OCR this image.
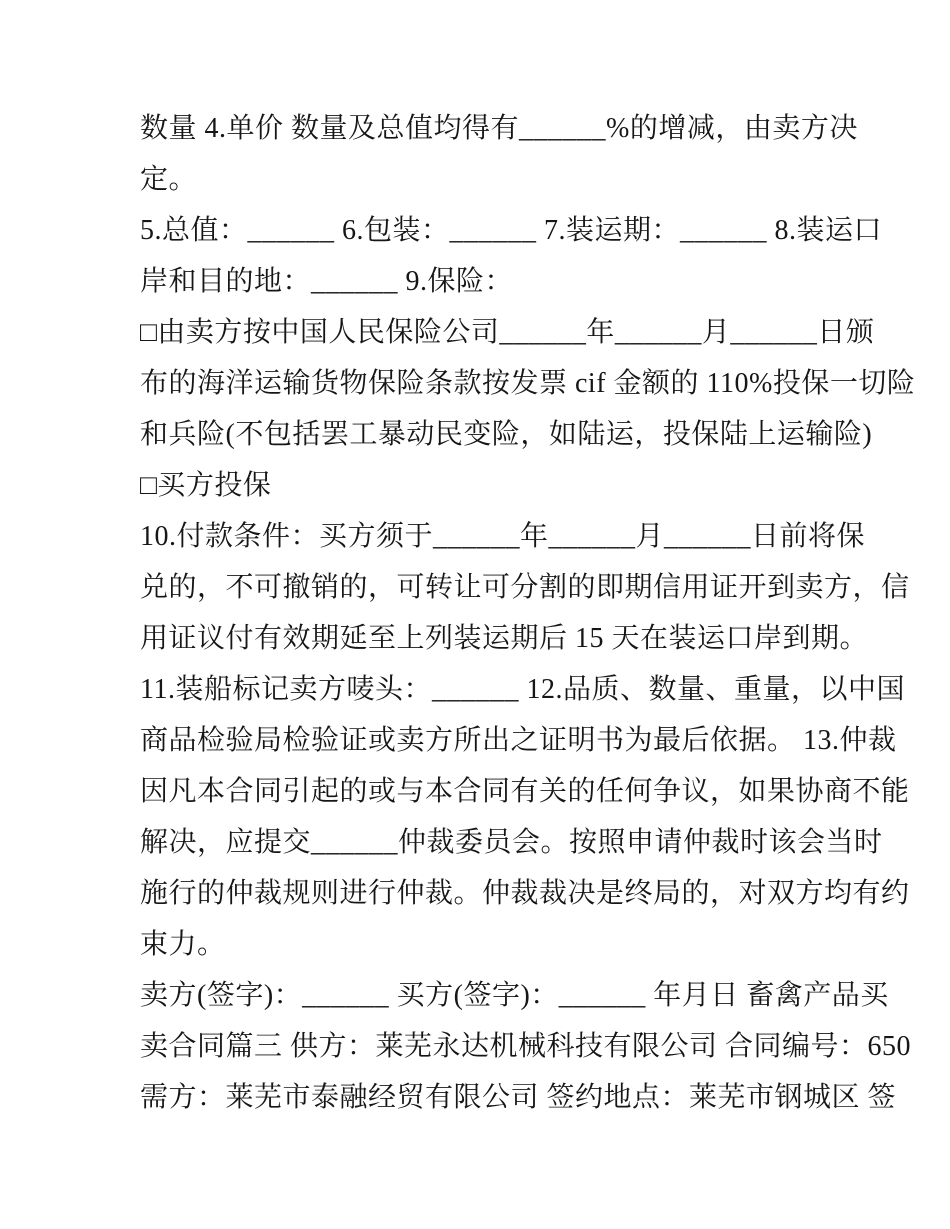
数量 4.单价 数量及总值均得有______%的增减，由卖方决
定。
5.总值：______ 6.包装：______ 7.装运期：______ 8.装运口
岸和目的地：______ 9.保险：
□由卖方按中国人民保险公司______年______月______日颁
布的海洋运输货物保险条款按发票 cif 金额的 110%投保一切险
和兵险(不包括罢工暴动民变险，如陆运，投保陆上运输险)
□买方投保
10.付款条件：买方须于______年______月______日前将保
兑的，不可撤销的，可转让可分割的即期信用证开到卖方，信
用证议付有效期延至上列装运期后 15 天在装运口岸到期。
11.装船标记卖方唛头：______ 12.品质、数量、重量，以中国
商品检验局检验证或卖方所出之证明书为最后依据。 13.仲裁
因凡本合同引起的或与本合同有关的任何争议，如果协商不能
解决，应提交______仲裁委员会。按照申请仲裁时该会当时
施行的仲裁规则进行仲裁。仲裁裁决是终局的，对双方均有约
束力。
卖方(签字)：______ 买方(签字)：______ 年月日 畜禽产品买
卖合同篇三 供方：莱芜永达机械科技有限公司 合同编号：650
需方：莱芜市泰融经贸有限公司 签约地点：莱芜市钢城区 签
